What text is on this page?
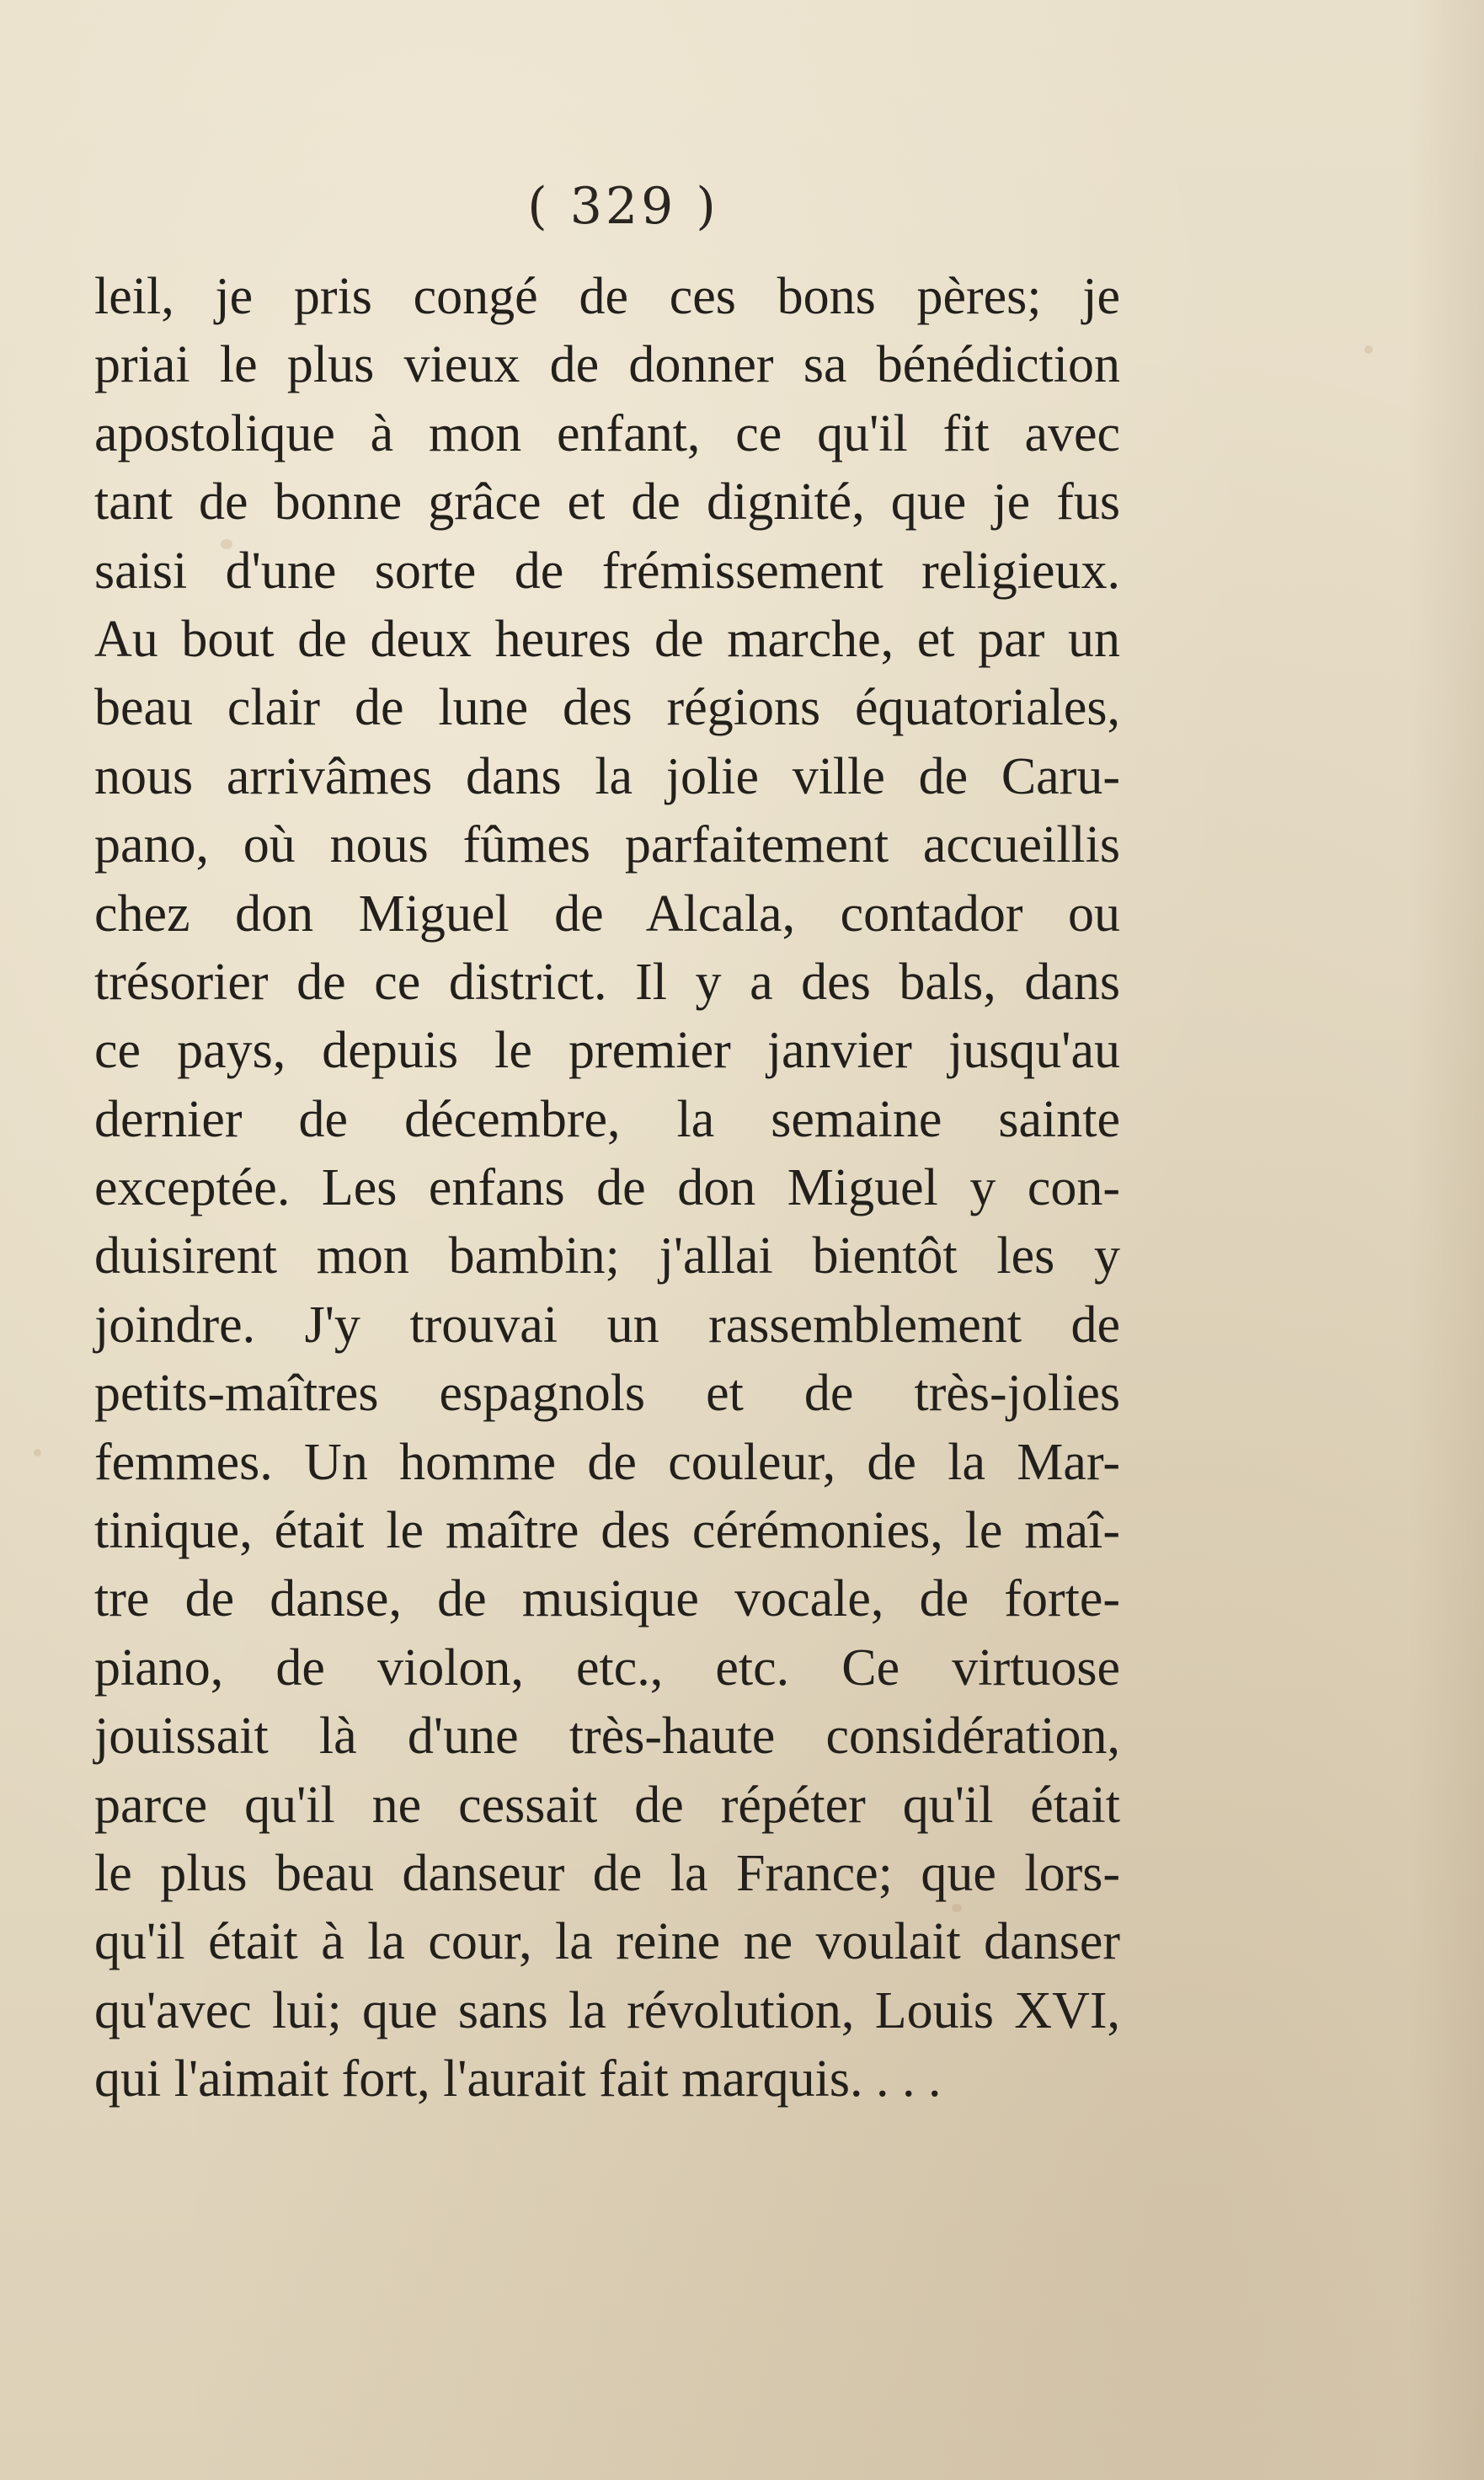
( 329 )
leil, je pris congé de ces bons pères; je
priai le plus vieux de donner sa bénédiction
apostolique à mon enfant, ce qu'il fit avec
tant de bonne grâce et de dignité, que je fus
saisi d'une sorte de frémissement religieux.
Au bout de deux heures de marche, et par un
beau clair de lune des régions équatoriales,
nous arrivâmes dans la jolie ville de Caru-
pano, où nous fûmes parfaitement accueillis
chez don Miguel de Alcala, contador ou
trésorier de ce district. Il y a des bals, dans
ce pays, depuis le premier janvier jusqu'au
dernier de décembre, la semaine sainte
exceptée. Les enfans de don Miguel y con-
duisirent mon bambin; j'allai bientôt les y
joindre. J'y trouvai un rassemblement de
petits-maîtres espagnols et de très-jolies
femmes. Un homme de couleur, de la Mar-
tinique, était le maître des cérémonies, le maî-
tre de danse, de musique vocale, de forte-
piano, de violon, etc., etc. Ce virtuose
jouissait là d'une très-haute considération,
parce qu'il ne cessait de répéter qu'il était
le plus beau danseur de la France; que lors-
qu'il était à la cour, la reine ne voulait danser
qu'avec lui; que sans la révolution, Louis XVI,
qui l'aimait fort, l'aurait fait marquis. . . .
